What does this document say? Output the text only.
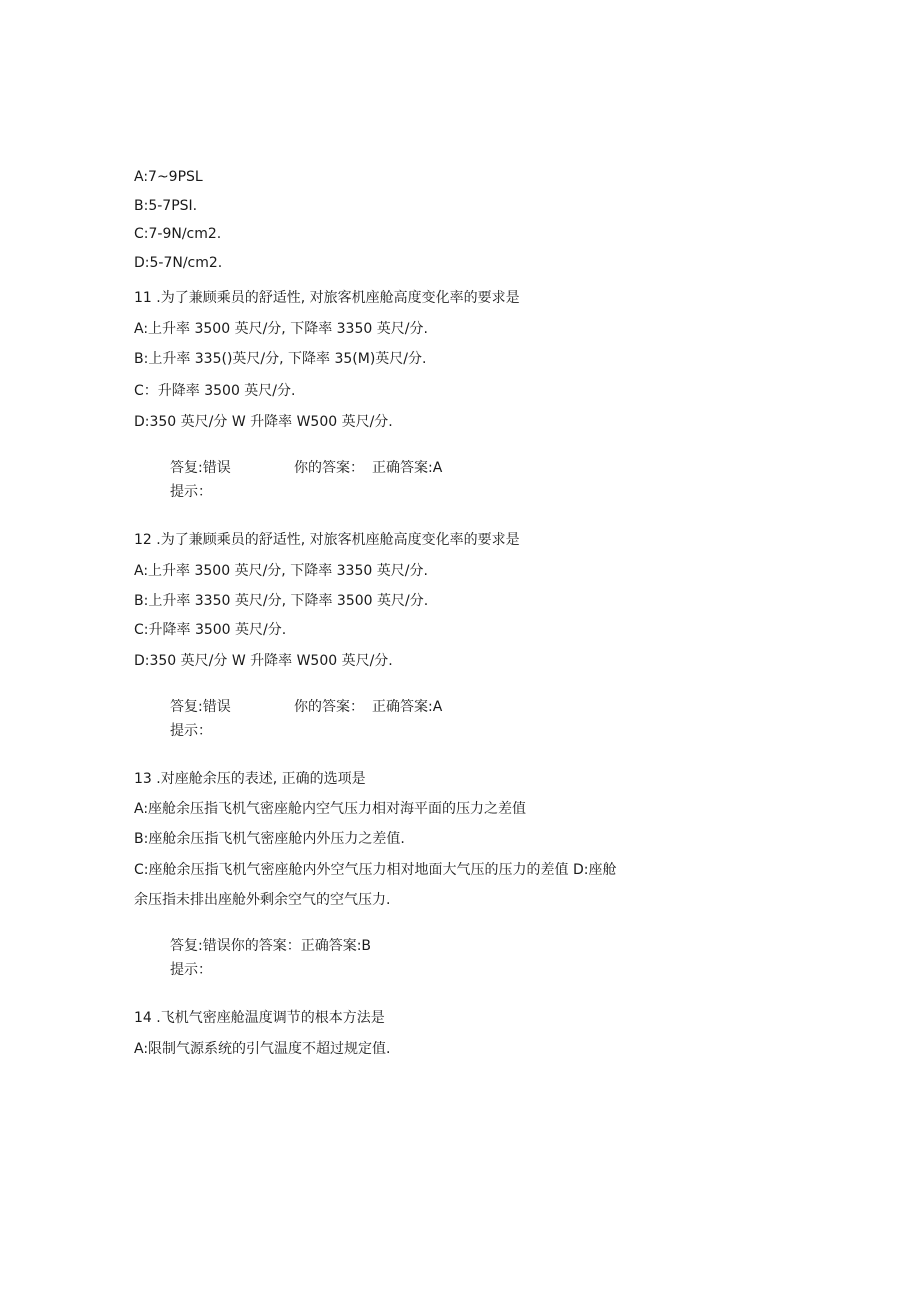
A:7~9PSL
B:5-7PSI.
C:7-9N∕cm2.
D:5-7N∕cm2.
11 .为了兼顾乘员的舒适性, 对旅客机座舱高度变化率的要求是
A:上升率 3500 英尺/分, 下降率 3350 英尺/分.
B:上升率 335()英尺/分, 下降率 35(M)英尺/分.
C：升降率 3500 英尺/分.
D:350 英尺/分 W 升降率 W500 英尺/分.
答复:错误	你的答案： 正确答案:A
提示：
12 .为了兼顾乘员的舒适性, 对旅客机座舱高度变化率的要求是
A:上升率 3500 英尺/分, 下降率 3350 英尺/分.
B:上升率 3350 英尺/分, 下降率 3500 英尺/分.
C:升降率 3500 英尺/分.
D:350 英尺/分 W 升降率 W500 英尺/分.
答复:错误	你的答案： 正确答案:A
提示：
13 .对座舱余压的表述, 正确的选项是
A:座舱余压指飞机气密座舱内空气压力相对海平面的压力之差值
B:座舱余压指飞机气密座舱内外压力之差值.
C:座舱余压指飞机气密座舱内外空气压力相对地面大气压的压力的差值 D:座舱
余压指未排出座舱外剩余空气的空气压力.
答复:错误你的答案：正确答案:B
提示：
14 .飞机气密座舱温度调节的根本方法是
A:限制气源系统的引气温度不超过规定值.
